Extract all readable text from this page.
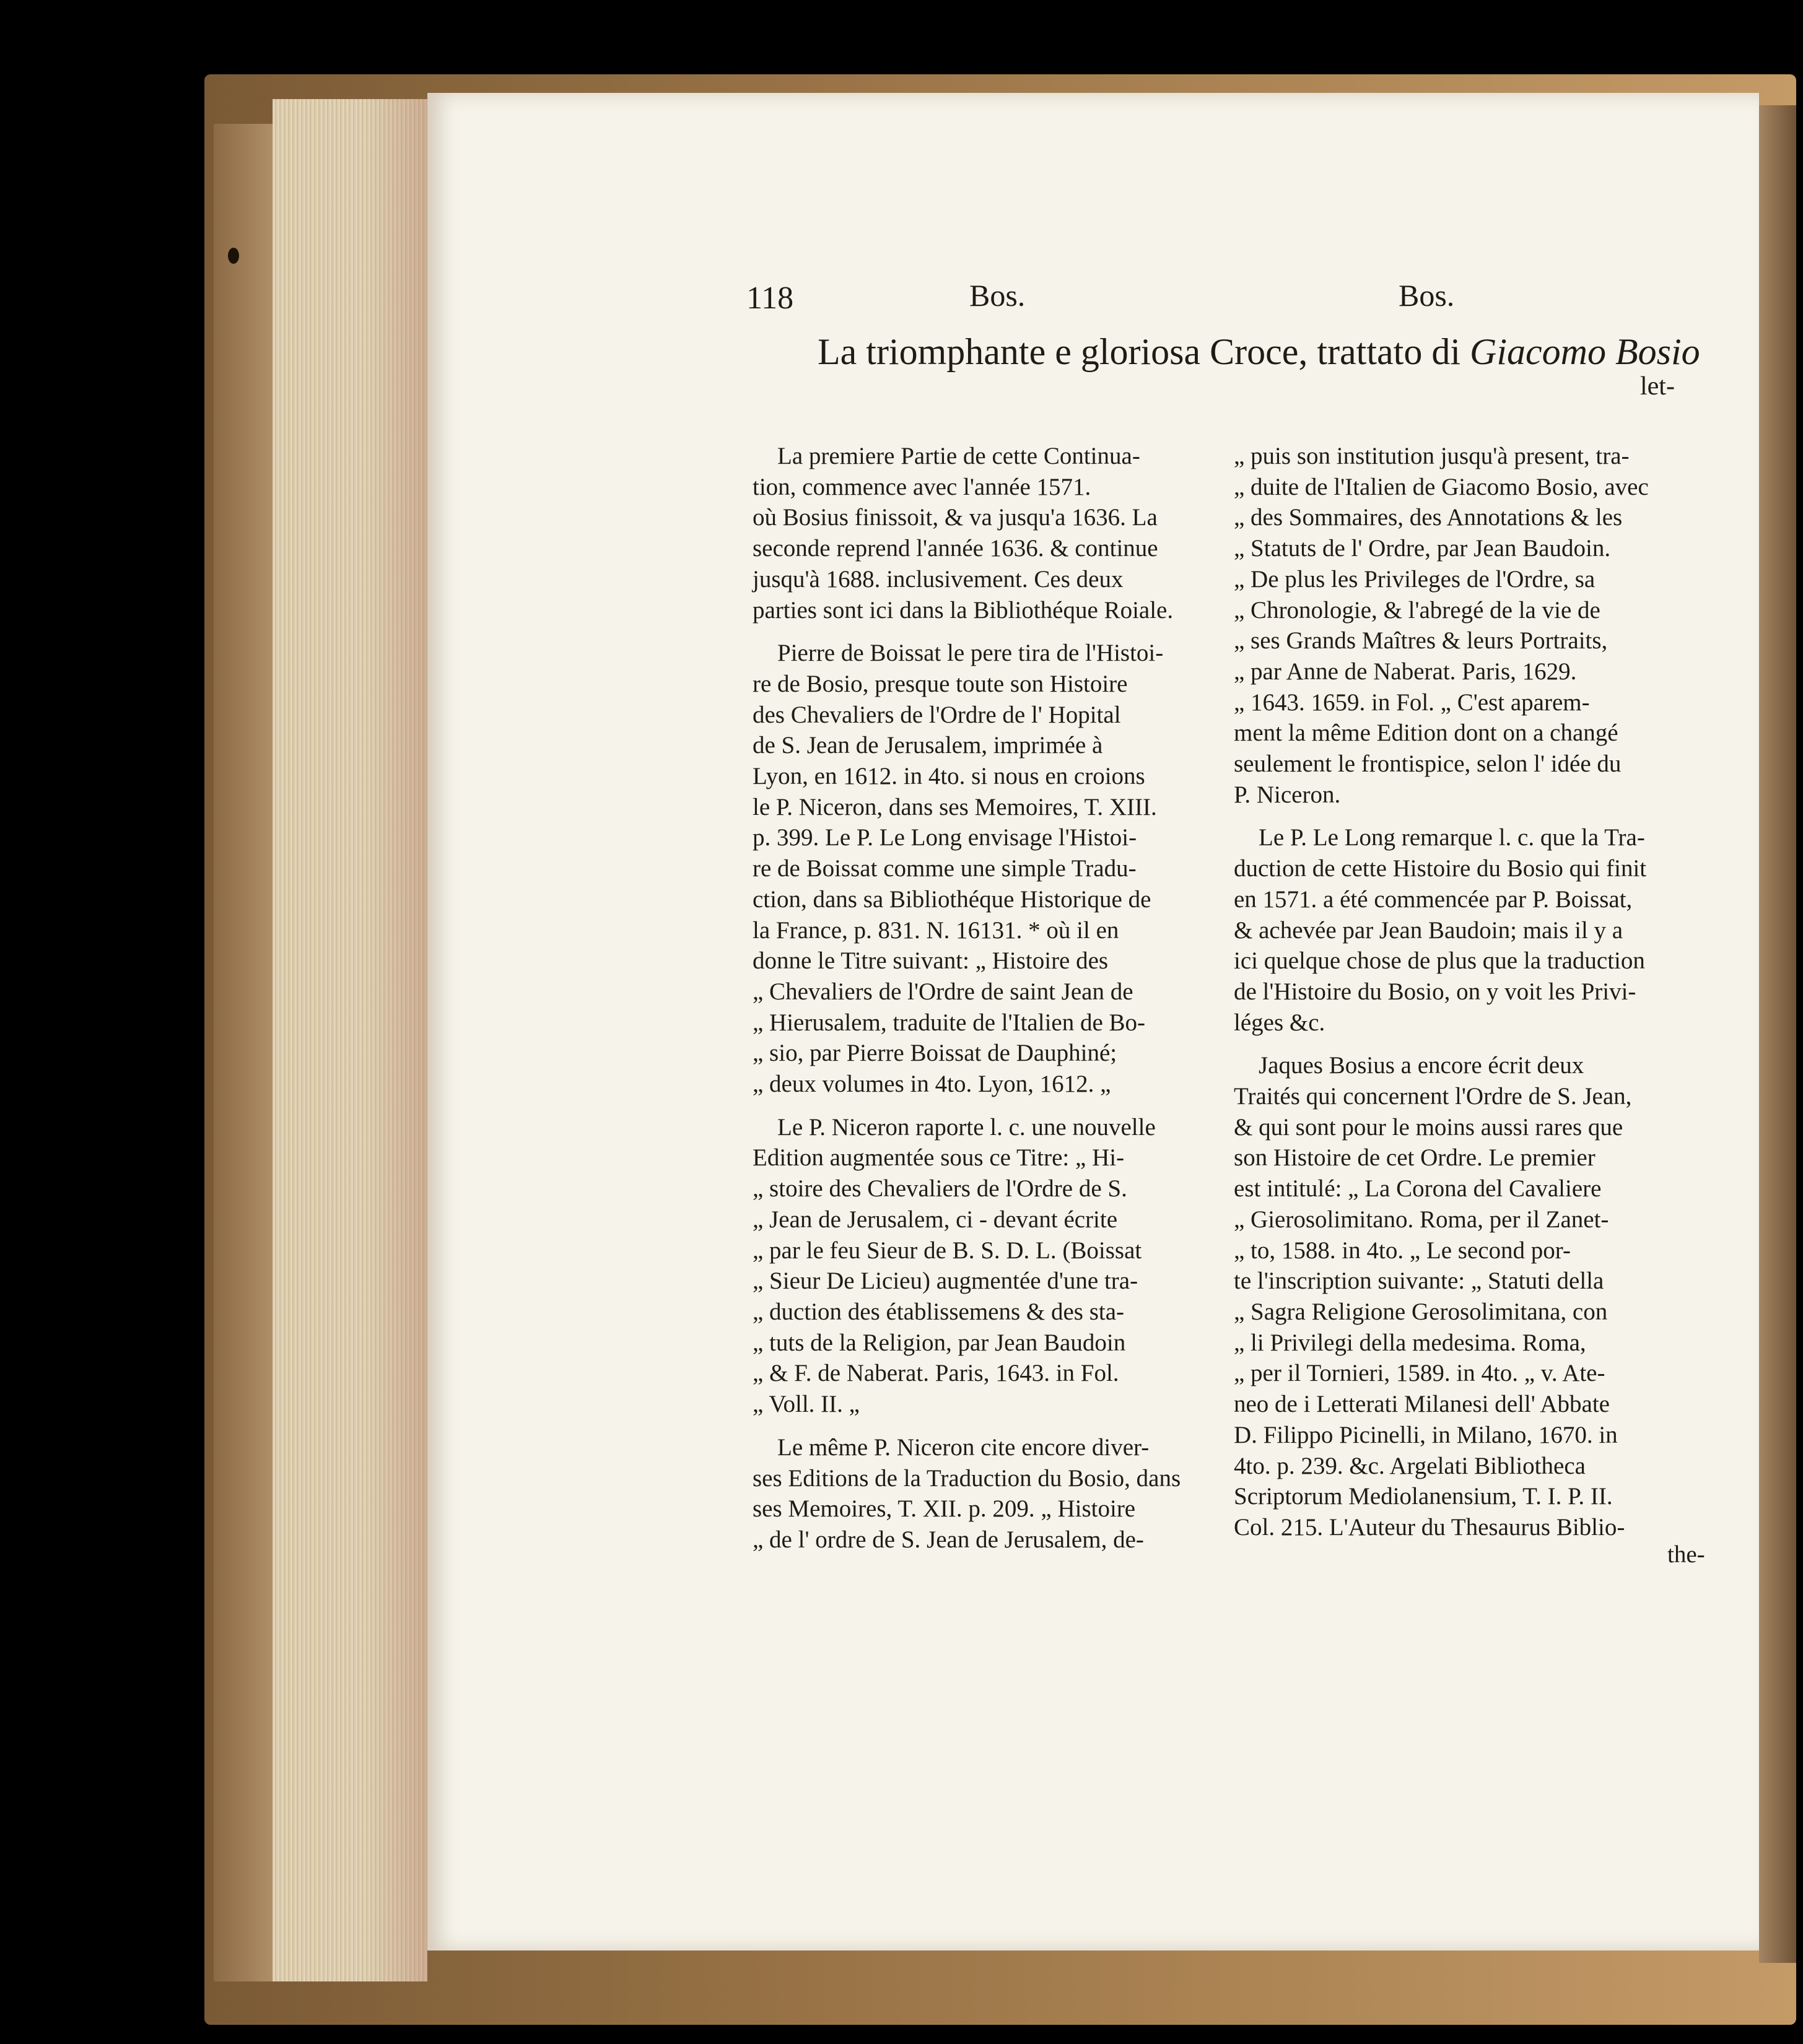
118	Bos.	Bos.
La triomphante e gloriosa Croce, trattato di Giacomo Bosio
let-
La premiere Partie de cette Continua-
tion, commence avec l'année 1571.
où Bosius finissoit, & va jusqu'a 1636. La
seconde reprend l'année 1636. & continue
jusqu'à 1688. inclusivement. Ces deux
parties sont ici dans la Bibliothéque Roiale.
Pierre de Boissat le pere tira de l'Histoi-
re de Bosio, presque toute son Histoire
des Chevaliers de l'Ordre de l' Hopital
de S. Jean de Jerusalem, imprimée à
Lyon, en 1612. in 4to. si nous en croions
le P. Niceron, dans ses Memoires, T. XIII.
p. 399. Le P. Le Long envisage l'Histoi-
re de Boissat comme une simple Tradu-
ction, dans sa Bibliothéque Historique de
la France, p. 831. N. 16131. * où il en
donne le Titre suivant: „ Histoire des
„ Chevaliers de l'Ordre de saint Jean de
„ Hierusalem, traduite de l'Italien de Bo-
„ sio, par Pierre Boissat de Dauphiné;
„ deux volumes in 4to. Lyon, 1612. „
Le P. Niceron raporte l. c. une nouvelle
Edition augmentée sous ce Titre: „ Hi-
„ stoire des Chevaliers de l'Ordre de S.
„ Jean de Jerusalem, ci - devant écrite
„ par le feu Sieur de B. S. D. L. (Boissat
„ Sieur De Licieu) augmentée d'une tra-
„ duction des établissemens & des sta-
„ tuts de la Religion, par Jean Baudoin
„ & F. de Naberat. Paris, 1643. in Fol.
„ Voll. II. „
Le même P. Niceron cite encore diver-
ses Editions de la Traduction du Bosio, dans
ses Memoires, T. XII. p. 209. „ Histoire
„ de l' ordre de S. Jean de Jerusalem, de-
„ puis son institution jusqu'à present, tra-
„ duite de l'Italien de Giacomo Bosio, avec
„ des Sommaires, des Annotations & les
„ Statuts de l' Ordre, par Jean Baudoin.
„ De plus les Privileges de l'Ordre, sa
„ Chronologie, & l'abregé de la vie de
„ ses Grands Maîtres & leurs Portraits,
„ par Anne de Naberat. Paris, 1629.
„ 1643. 1659. in Fol. „ C'est aparem-
ment la même Edition dont on a changé
seulement le frontispice, selon l' idée du
P. Niceron.
Le P. Le Long remarque l. c. que la Tra-
duction de cette Histoire du Bosio qui finit
en 1571. a été commencée par P. Boissat,
& achevée par Jean Baudoin; mais il y a
ici quelque chose de plus que la traduction
de l'Histoire du Bosio, on y voit les Privi-
léges &c.
Jaques Bosius a encore écrit deux
Traités qui concernent l'Ordre de S. Jean,
& qui sont pour le moins aussi rares que
son Histoire de cet Ordre. Le premier
est intitulé: „ La Corona del Cavaliere
„ Gierosolimitano. Roma, per il Zanet-
„ to, 1588. in 4to. „ Le second por-
te l'inscription suivante: „ Statuti della
„ Sagra Religione Gerosolimitana, con
„ li Privilegi della medesima. Roma,
„ per il Tornieri, 1589. in 4to. „ v. Ate-
neo de i Letterati Milanesi dell' Abbate
D. Filippo Picinelli, in Milano, 1670. in
4to. p. 239. &c. Argelati Bibliotheca
Scriptorum Mediolanensium, T. I. P. II.
Col. 215. L'Auteur du Thesaurus Biblio-
the-
